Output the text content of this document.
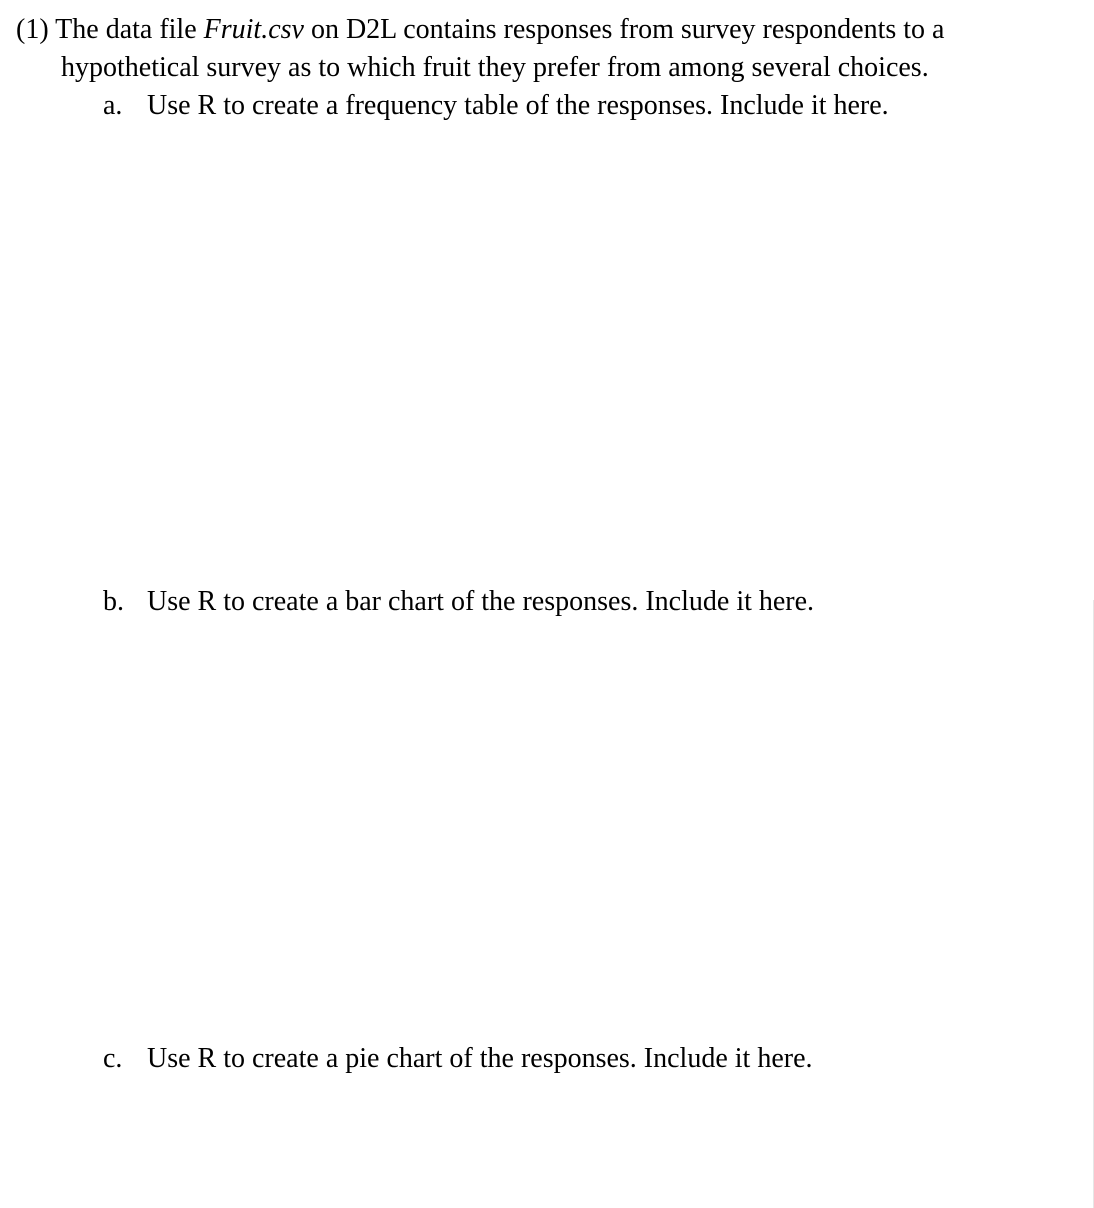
(1) The data file Fruit.csv on D2L contains responses from survey respondents to a
hypothetical survey as to which fruit they prefer from among several choices.
a. Use R to create a frequency table of the responses. Include it here.
b. Use R to create a bar chart of the responses. Include it here.
c. Use R to create a pie chart of the responses. Include it here.
